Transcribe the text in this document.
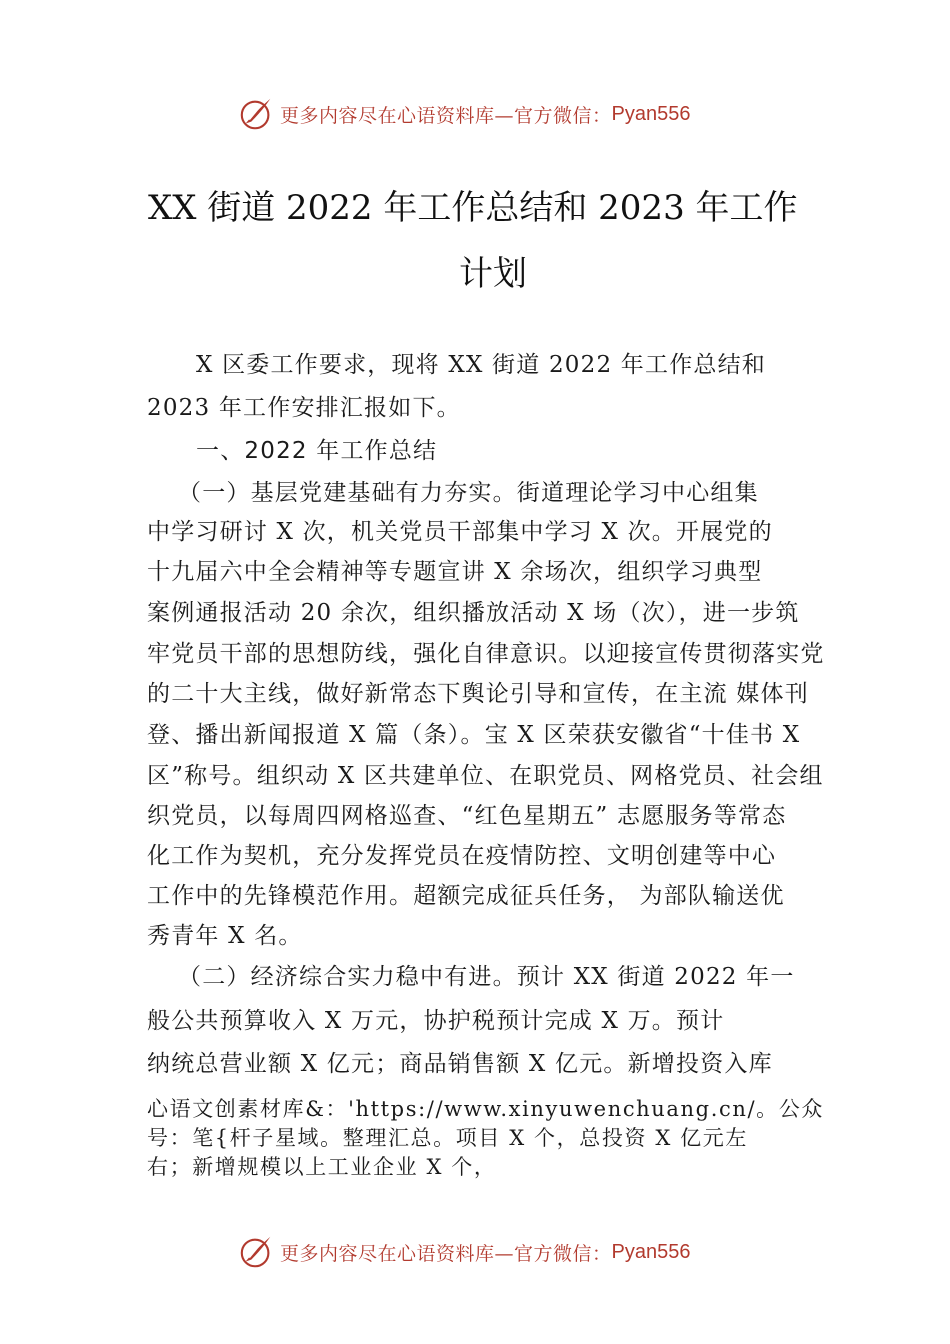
更多内容尽在心语资料库—官方微信： Pyan556
XX 街道 2022 年工作总结和 2023 年工作
计划
X 区委工作要求，现将 XX 街道 2022 年工作总结和
2023 年工作安排汇报如下。
一、2022 年工作总结
（一）基层党建基础有力夯实。街道理论学习中心组集
中学习研讨 X 次，机关党员干部集中学习 X 次。开展党的
十九届六中全会精神等专题宣讲 X 余场次，组织学习典型
案例通报活动 20 余次，组织播放活动 X 场（次），进一步筑
牢党员干部的思想防线，强化自律意识。以迎接宣传贯彻落实党
的二十大主线，做好新常态下舆论引导和宣传，在主流 媒体刊
登、播出新闻报道 X 篇（条）。宝 X 区荣获安徽省“十佳书 X
区”称号。组织动 X 区共建单位、在职党员、网格党员、社会组
织党员，以每周四网格巡查、“红色星期五” 志愿服务等常态
化工作为契机，充分发挥党员在疫情防控、文明创建等中心
工作中的先锋模范作用。超额完成征兵任务， 为部队输送优
秀青年 X 名。
（二）经济综合实力稳中有进。预计 XX 街道 2022 年一
般公共预算收入 X 万元，协护税预计完成 X 万。预计
纳统总营业额 X 亿元；商品销售额 X 亿元。新增投资入库
心语文创素材库&：'https://www.xinyuwenchuang.cn/。公众
号：笔{杆子星域。整理汇总。项目 X 个，总投资 X 亿元左
右；新增规模以上工业企业 X 个，
更多内容尽在心语资料库—官方微信： Pyan556
